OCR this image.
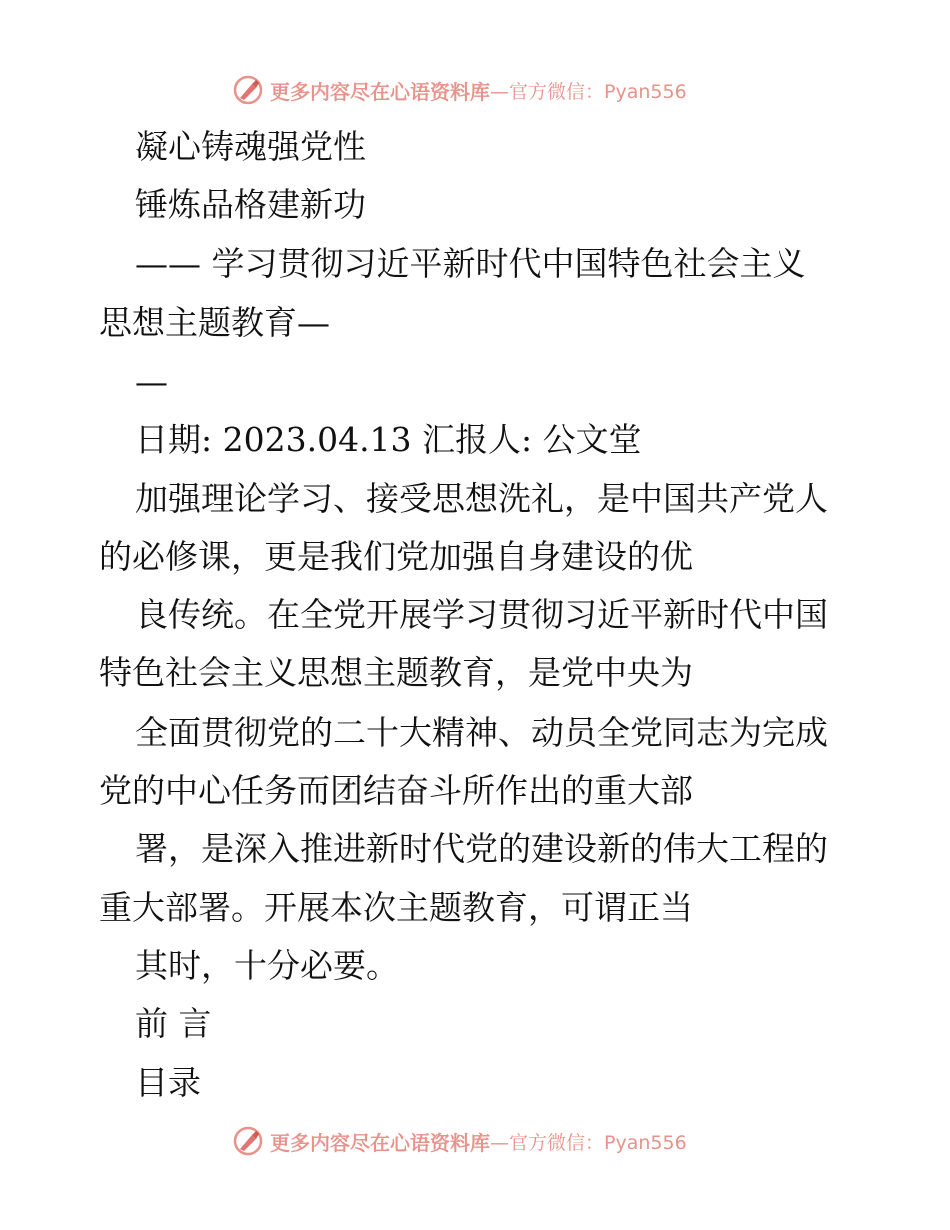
更多内容尽在心语资料库 —官方微信：Pyan556
凝心铸魂强党性
锤炼品格建新功
—— 学习贯彻习近平新时代中国特色社会主义
思想主题教育—
—
日期: 2023.04.13 汇报人: 公文堂
加强理论学习、接受思想洗礼，是中国共产党人
的必修课，更是我们党加强自身建设的优
良传统。在全党开展学习贯彻习近平新时代中国
特色社会主义思想主题教育，是党中央为
全面贯彻党的二十大精神、动员全党同志为完成
党的中心任务而团结奋斗所作出的重大部
署，是深入推进新时代党的建设新的伟大工程的
重大部署。开展本次主题教育，可谓正当
其时，十分必要。
前 言
目录
更多内容尽在心语资料库 —官方微信：Pyan556
